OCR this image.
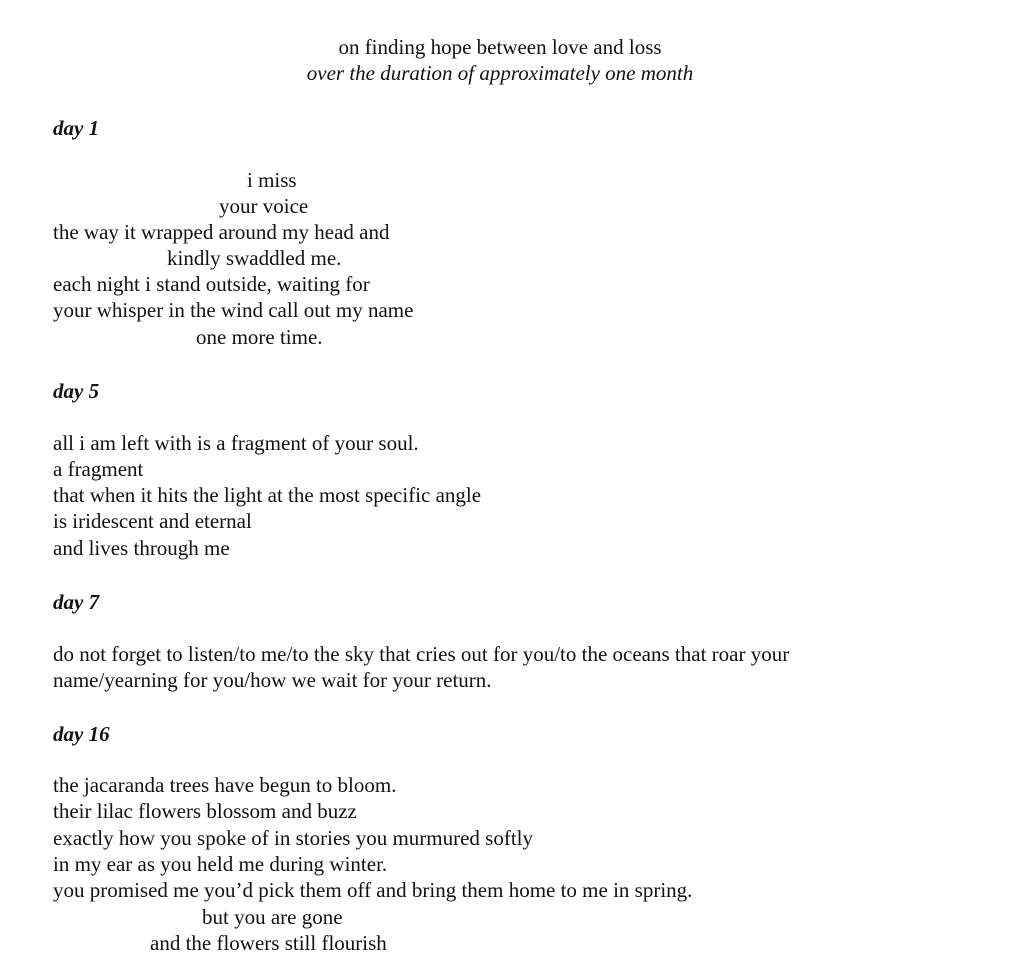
on finding hope between love and loss
over the duration of approximately one month
day 1
i miss
your voice
the way it wrapped around my head and
kindly swaddled me.
each night i stand outside, waiting for
your whisper in the wind call out my name
one more time.
day 5
all i am left with is a fragment of your soul.
a fragment
that when it hits the light at the most specific angle
is iridescent and eternal
and lives through me
day 7
do not forget to listen/to me/to the sky that cries out for you/to the oceans that roar your
name/yearning for you/how we wait for your return.
day 16
the jacaranda trees have begun to bloom.
their lilac flowers blossom and buzz
exactly how you spoke of in stories you murmured softly
in my ear as you held me during winter.
you promised me you’d pick them off and bring them home to me in spring.
but you are gone
and the flowers still flourish
